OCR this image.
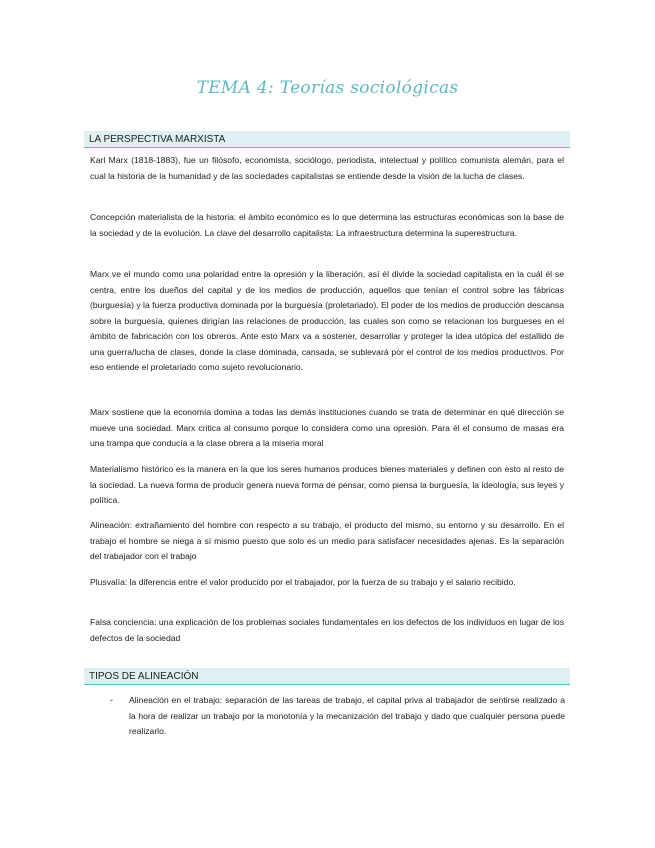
TEMA 4: Teorías sociológicas
LA PERSPECTIVA MARXISTA

Karl Marx (1818-1883), fue un filósofo, economista, sociólogo, periodista, intelectual y político comunista alemán, para el cual la historia de la humanidad y de las sociedades capitalistas se entiende desde la visión de la lucha de clases.

Concepción materialista de la historia: el ámbito económico es lo que determina las estructuras económicas son la base de la sociedad y de la evolución. La clave del desarrollo capitalista: La infraestructura determina la superestructura.

Marx ve el mundo como una polaridad entre la opresión y la liberación, así él divide la sociedad capitalista en la cuál él se centra, entre los dueños del capital y de los medios de producción, aquellos que tenían el control sobre las fábricas (burguesía) y la fuerza productiva dominada por la burguesía (proletariado). El poder de los medios de producción descansa sobre la burguesía, quienes dirigían las relaciones de producción, las cuales son como se relacionan los burgueses en el ámbito de fabricación con los obreros. Ante esto Marx va a sostener, desarrollar y proteger la idea utópica del estallido de una guerra/lucha de clases, donde la clase dominada, cansada, se sublevará por el control de los medios productivos. Por eso entiende el proletariado como sujeto revolucionario.

Marx sostiene que la economía domina a todas las demás instituciones cuando se trata de determinar en qué dirección se mueve una sociedad. Marx critica al consumo porque lo considera como una opresión. Para él el consumo de masas era una trampa que conducía a la clase obrera a la miseria moral

Materialismo histórico es la manera en la que los seres humanos produces bienes materiales y definen con esto al resto de la sociedad. La nueva forma de producir genera nueva forma de pensar, como piensa la burguesía, la ideología, sus leyes y política.

Alineación: extrañamiento del hombre con respecto a su trabajo, el producto del mismo, su entorno y su desarrollo. En el trabajo el hombre se niega a sí mismo puesto que solo es un medio para satisfacer necesidades ajenas. Es la separación del trabajador con el trabajo

Plusvalía: la diferencia entre el valor producido por el trabajador, por la fuerza de su trabajo y el salario recibido.

Falsa conciencia: una explicación de los problemas sociales fundamentales en los defectos de los individuos en lugar de los defectos de la sociedad

TIPOS DE ALINEACIÓN
- Alineación en el trabajo: separación de las tareas de trabajo, el capital priva al trabajador de sentirse realizado a la hora de realizar un trabajo por la monotonía y la mecanización del trabajo y dado que cualquier persona puede realizarlo.
